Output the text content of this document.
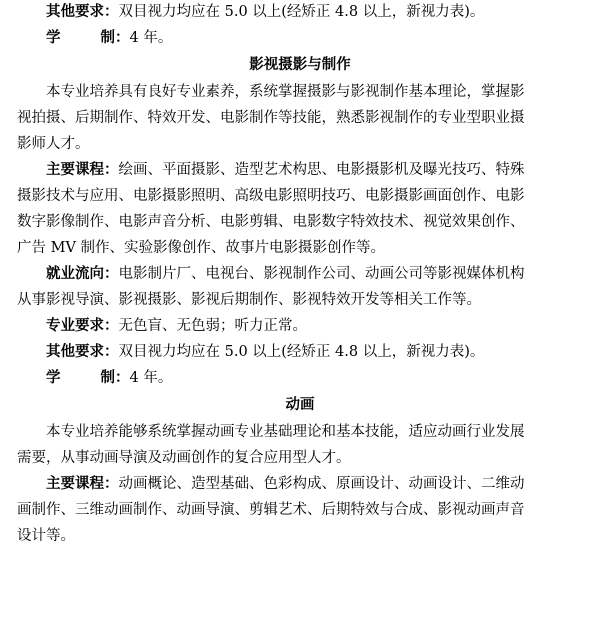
其他要求：双目视力均应在 5.0 以上(经矫正 4.8 以上，新视力表)。
学	制：4 年。
影视摄影与制作
本专业培养具有良好专业素养，系统掌握摄影与影视制作基本理论，掌握影
视拍摄、后期制作、特效开发、电影制作等技能，熟悉影视制作的专业型职业摄
影师人才。
主要课程：绘画、平面摄影、造型艺术构思、电影摄影机及曝光技巧、特殊
摄影技术与应用、电影摄影照明、高级电影照明技巧、电影摄影画面创作、电影
数字影像制作、电影声音分析、电影剪辑、电影数字特效技术、视觉效果创作、
广告 MV 制作、实验影像创作、故事片电影摄影创作等。
就业流向：电影制片厂、电视台、影视制作公司、动画公司等影视媒体机构
从事影视导演、影视摄影、影视后期制作、影视特效开发等相关工作等。
专业要求：无色盲、无色弱；听力正常。
其他要求：双目视力均应在 5.0 以上(经矫正 4.8 以上，新视力表)。
学	制：4 年。
动画
本专业培养能够系统掌握动画专业基础理论和基本技能，适应动画行业发展
需要，从事动画导演及动画创作的复合应用型人才。
主要课程：动画概论、造型基础、色彩构成、原画设计、动画设计、二维动
画制作、三维动画制作、动画导演、剪辑艺术、后期特效与合成、影视动画声音
设计等。
